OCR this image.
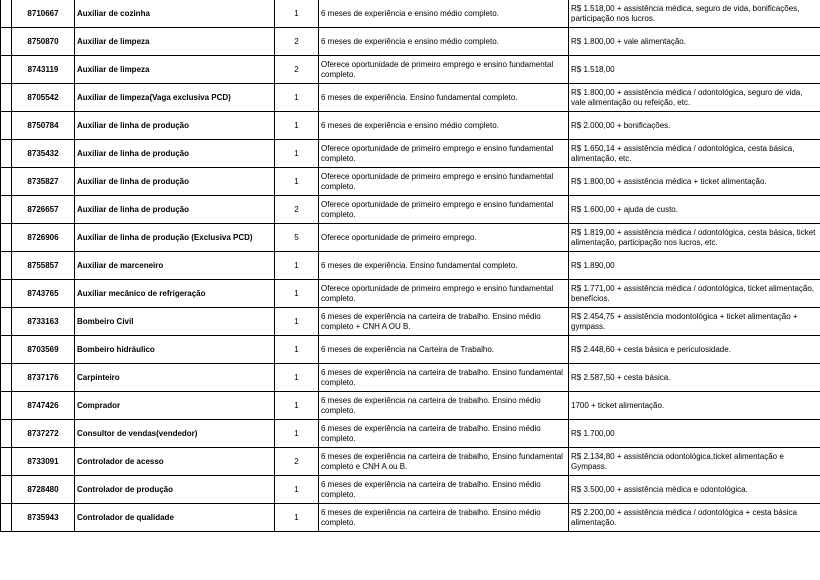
	8710667	Auxiliar de cozinha	1	6 meses de experiência e ensino médio completo.	R$ 1.518,00 + assistência médica, seguro de vida, bonificações, participação nos lucros.
	8750870	Auxiliar de limpeza	2	6 meses de experiência e ensino médio completo.	R$ 1.800,00 + vale alimentação.
	8743119	Auxiliar de limpeza	2	Oferece oportunidade de primeiro emprego e ensino fundamental completo.	R$ 1.518,00
	8705542	Auxiliar de limpeza(Vaga exclusiva PCD)	1	6 meses de experiência. Ensino fundamental completo.	R$ 1.800,00 + assistência médica / odontológica, seguro de vida, vale alimentação ou refeição, etc.
	8750784	Auxiliar de linha de produção	1	6 meses de experiência e ensino médio completo.	R$ 2.000,00 + bonificações.
	8735432	Auxiliar de linha de produção	1	Oferece oportunidade de primeiro emprego e ensino fundamental completo.	R$ 1.650,14 + assistência médica / odontológica, cesta básica, alimentação, etc.
	8735827	Auxiliar de linha de produção	1	Oferece oportunidade de primeiro emprego e ensino fundamental completo.	R$ 1.800,00 + assistência médica + ticket alimentação.
	8726657	Auxiliar de linha de produção	2	Oferece oportunidade de primeiro emprego e ensino fundamental completo.	R$ 1.600,00 + ajuda de custo.
	8726906	Auxiliar de linha de produção (Exclusiva PCD)	5	Oferece oportunidade de primeiro emprego.	R$ 1.819,00 + assistência médica / odontológica, cesta básica, ticket alimentação, participação nos lucros, etc.
	8755857	Auxiliar de marceneiro	1	6 meses de experiência. Ensino fundamental completo.	R$ 1.890,00
	8743765	Auxiliar mecânico de refrigeração	1	Oferece oportunidade de primeiro emprego e ensino fundamental completo.	R$ 1.771,00 + assistência médica / odontológica, ticket alimentação, benefícios.
	8733163	Bombeiro Civil	1	6 meses de experiência na carteira de trabalho. Ensino médio completo + CNH A OU B.	R$ 2.454,75 + assistência modontológica + ticket alimentação + gympass.
	8703569	Bombeiro hidráulico	1	6 meses de experiência na Carteira de Trabalho.	R$ 2.448,60 + cesta básica e periculosidade.
	8737176	Carpinteiro	1	6 meses de experiência na carteira de trabalho. Ensino fundamental completo.	R$ 2.587,50 + cesta básica.
	8747426	Comprador	1	6 meses de experiência na carteira de trabalho. Ensino médio completo.	1700 + ticket alimentação.
	8737272	Consultor de vendas(vendedor)	1	6 meses de experiência na carteira de trabalho. Ensino médio completo.	R$ 1.700,00
	8733091	Controlador de acesso	2	6 meses de experiência na carteira de trabalho, Ensino fundamental completo e CNH A ou B.	R$ 2.134,80 + assistência odontológica,ticket alimentação e Gympass.
	8728480	Controlador de produção	1	6 meses de experiência na carteira de trabalho. Ensino médio completo.	R$ 3.500,00 + assistência médica e odontológica.
	8735943	Controlador de qualidade	1	6 meses de experiência na carteira de trabalho. Ensino médio completo.	R$ 2.200,00 + assistência médica / odontológica + cesta básica alimentação.
